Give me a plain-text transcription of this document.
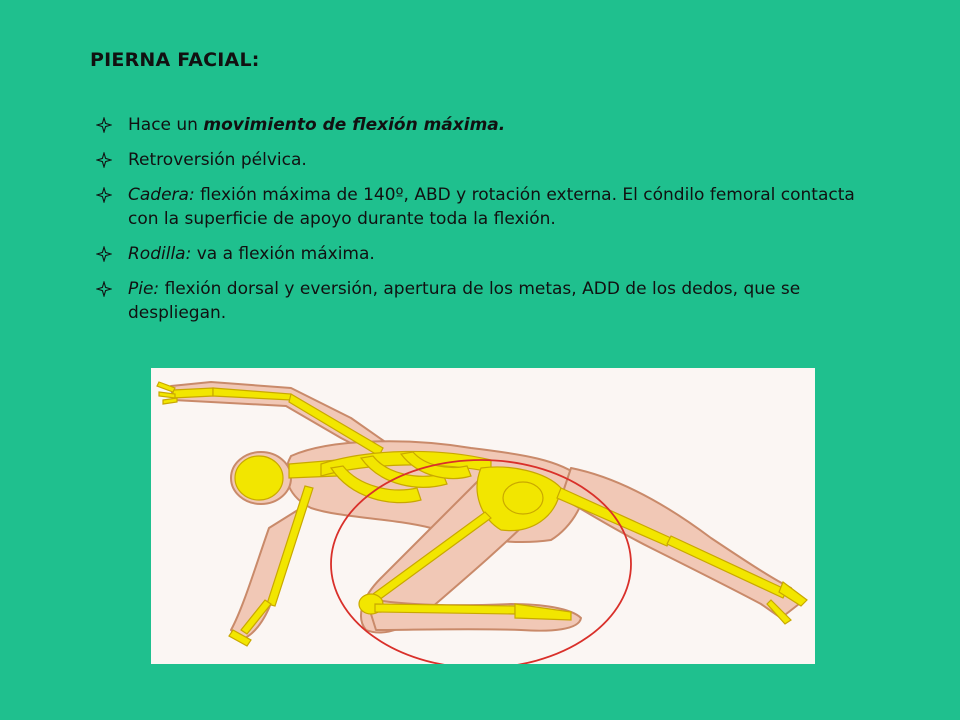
PIERNA FACIAL:
Hace un movimiento de flexión máxima.
Retroversión pélvica.
Cadera: flexión máxima de 140º, ABD y rotación externa. El cóndilo femoral contacta con la superficie de apoyo durante toda la flexión.
Rodilla: va a flexión máxima.
Pie: flexión dorsal y eversión, apertura de los metas, ADD de los dedos, que se despliegan.
